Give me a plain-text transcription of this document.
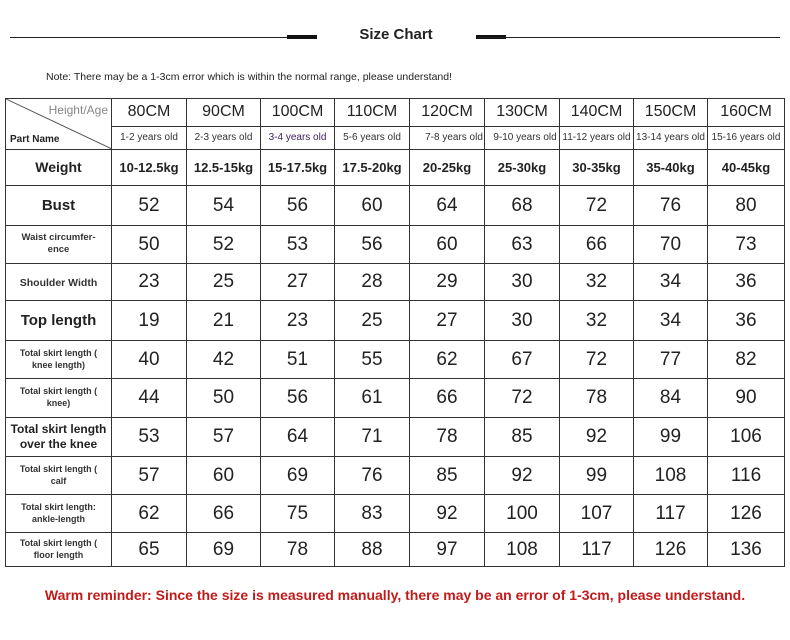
Size Chart
Note: There may be a 1-3cm error which is within the normal range, please understand!
Height/Age
Part Name	80CM	90CM	100CM	110CM	120CM	130CM	140CM	150CM	160CM
	1-2 years old	2-3 years old	3-4 years old	5-6 years old	7-8 years old	9-10 years old	11-12 years old	13-14 years old	15-16 years old
Weight	10-12.5kg	12.5-15kg	15-17.5kg	17.5-20kg	20-25kg	25-30kg	30-35kg	35-40kg	40-45kg
Bust	52	54	56	60	64	68	72	76	80
Waist circumfer-ence	50	52	53	56	60	63	66	70	73
Shoulder Width	23	25	27	28	29	30	32	34	36
Top length	19	21	23	25	27	30	32	34	36
Total skirt length ( knee length)	40	42	51	55	62	67	72	77	82
Total skirt length ( knee)	44	50	56	61	66	72	78	84	90
Total skirt length over the knee	53	57	64	71	78	85	92	99	106
Total skirt length ( calf	57	60	69	76	85	92	99	108	116
Total skirt length: ankle-length	62	66	75	83	92	100	107	117	126
Total skirt length ( floor length	65	69	78	88	97	108	117	126	136
Warm reminder: Since the size is measured manually, there may be an error of 1-3cm, please understand.
